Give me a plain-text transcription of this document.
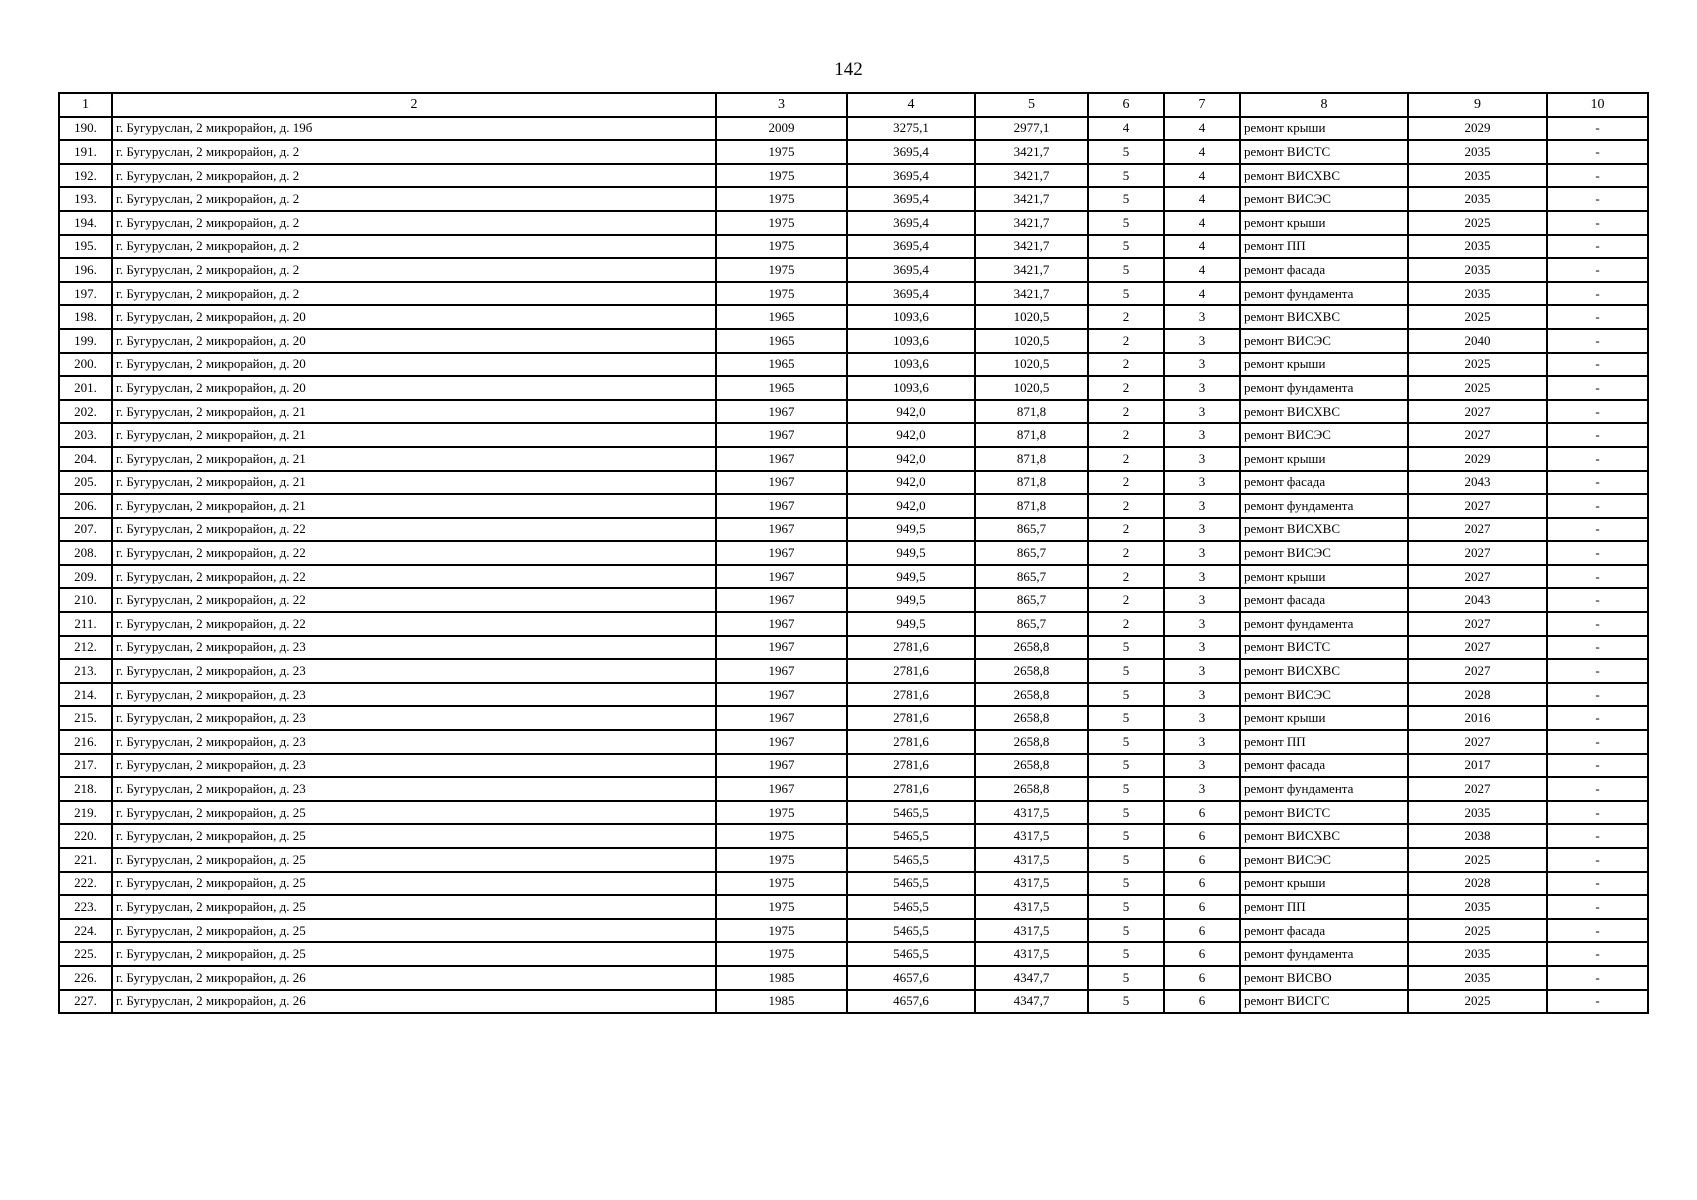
142
1	2	3	4	5	6	7	8	9	10
190.	г. Бугуруслан, 2 микрорайон, д. 19б	2009	3275,1	2977,1	4	4	ремонт крыши	2029	-
191.	г. Бугуруслан, 2 микрорайон, д. 2	1975	3695,4	3421,7	5	4	ремонт ВИСТС	2035	-
192.	г. Бугуруслан, 2 микрорайон, д. 2	1975	3695,4	3421,7	5	4	ремонт ВИСХВС	2035	-
193.	г. Бугуруслан, 2 микрорайон, д. 2	1975	3695,4	3421,7	5	4	ремонт ВИСЭС	2035	-
194.	г. Бугуруслан, 2 микрорайон, д. 2	1975	3695,4	3421,7	5	4	ремонт крыши	2025	-
195.	г. Бугуруслан, 2 микрорайон, д. 2	1975	3695,4	3421,7	5	4	ремонт ПП	2035	-
196.	г. Бугуруслан, 2 микрорайон, д. 2	1975	3695,4	3421,7	5	4	ремонт фасада	2035	-
197.	г. Бугуруслан, 2 микрорайон, д. 2	1975	3695,4	3421,7	5	4	ремонт фундамента	2035	-
198.	г. Бугуруслан, 2 микрорайон, д. 20	1965	1093,6	1020,5	2	3	ремонт ВИСХВС	2025	-
199.	г. Бугуруслан, 2 микрорайон, д. 20	1965	1093,6	1020,5	2	3	ремонт ВИСЭС	2040	-
200.	г. Бугуруслан, 2 микрорайон, д. 20	1965	1093,6	1020,5	2	3	ремонт крыши	2025	-
201.	г. Бугуруслан, 2 микрорайон, д. 20	1965	1093,6	1020,5	2	3	ремонт фундамента	2025	-
202.	г. Бугуруслан, 2 микрорайон, д. 21	1967	942,0	871,8	2	3	ремонт ВИСХВС	2027	-
203.	г. Бугуруслан, 2 микрорайон, д. 21	1967	942,0	871,8	2	3	ремонт ВИСЭС	2027	-
204.	г. Бугуруслан, 2 микрорайон, д. 21	1967	942,0	871,8	2	3	ремонт крыши	2029	-
205.	г. Бугуруслан, 2 микрорайон, д. 21	1967	942,0	871,8	2	3	ремонт фасада	2043	-
206.	г. Бугуруслан, 2 микрорайон, д. 21	1967	942,0	871,8	2	3	ремонт фундамента	2027	-
207.	г. Бугуруслан, 2 микрорайон, д. 22	1967	949,5	865,7	2	3	ремонт ВИСХВС	2027	-
208.	г. Бугуруслан, 2 микрорайон, д. 22	1967	949,5	865,7	2	3	ремонт ВИСЭС	2027	-
209.	г. Бугуруслан, 2 микрорайон, д. 22	1967	949,5	865,7	2	3	ремонт крыши	2027	-
210.	г. Бугуруслан, 2 микрорайон, д. 22	1967	949,5	865,7	2	3	ремонт фасада	2043	-
211.	г. Бугуруслан, 2 микрорайон, д. 22	1967	949,5	865,7	2	3	ремонт фундамента	2027	-
212.	г. Бугуруслан, 2 микрорайон, д. 23	1967	2781,6	2658,8	5	3	ремонт ВИСТС	2027	-
213.	г. Бугуруслан, 2 микрорайон, д. 23	1967	2781,6	2658,8	5	3	ремонт ВИСХВС	2027	-
214.	г. Бугуруслан, 2 микрорайон, д. 23	1967	2781,6	2658,8	5	3	ремонт ВИСЭС	2028	-
215.	г. Бугуруслан, 2 микрорайон, д. 23	1967	2781,6	2658,8	5	3	ремонт крыши	2016	-
216.	г. Бугуруслан, 2 микрорайон, д. 23	1967	2781,6	2658,8	5	3	ремонт ПП	2027	-
217.	г. Бугуруслан, 2 микрорайон, д. 23	1967	2781,6	2658,8	5	3	ремонт фасада	2017	-
218.	г. Бугуруслан, 2 микрорайон, д. 23	1967	2781,6	2658,8	5	3	ремонт фундамента	2027	-
219.	г. Бугуруслан, 2 микрорайон, д. 25	1975	5465,5	4317,5	5	6	ремонт ВИСТС	2035	-
220.	г. Бугуруслан, 2 микрорайон, д. 25	1975	5465,5	4317,5	5	6	ремонт ВИСХВС	2038	-
221.	г. Бугуруслан, 2 микрорайон, д. 25	1975	5465,5	4317,5	5	6	ремонт ВИСЭС	2025	-
222.	г. Бугуруслан, 2 микрорайон, д. 25	1975	5465,5	4317,5	5	6	ремонт крыши	2028	-
223.	г. Бугуруслан, 2 микрорайон, д. 25	1975	5465,5	4317,5	5	6	ремонт ПП	2035	-
224.	г. Бугуруслан, 2 микрорайон, д. 25	1975	5465,5	4317,5	5	6	ремонт фасада	2025	-
225.	г. Бугуруслан, 2 микрорайон, д. 25	1975	5465,5	4317,5	5	6	ремонт фундамента	2035	-
226.	г. Бугуруслан, 2 микрорайон, д. 26	1985	4657,6	4347,7	5	6	ремонт ВИСВО	2035	-
227.	г. Бугуруслан, 2 микрорайон, д. 26	1985	4657,6	4347,7	5	6	ремонт ВИСГС	2025	-
